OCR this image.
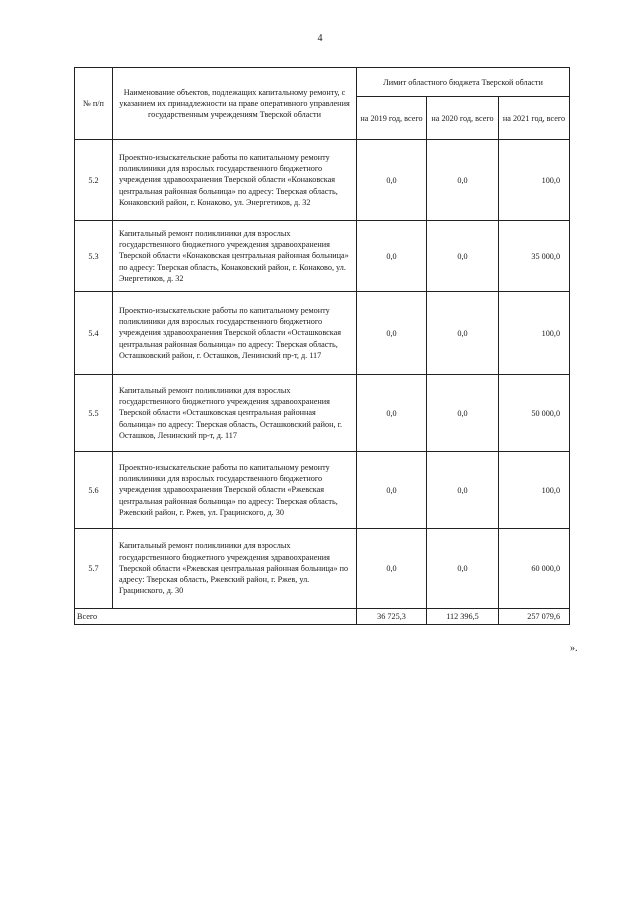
4
№ п/п	Наименование объектов, подлежащих капитальному ремонту, с указанием их принадлежности на праве оперативного управления государственным учреждениям Тверской области	Лимит областного бюджета Тверской области		
		на 2019 год, всего	на 2020 год, всего	на 2021 год, всего
5.2	Проектно-изыскательские работы по капитальному ремонту поликлиники для взрослых государственного бюджетного учреждения здравоохранения Тверской области «Конаковская центральная районная больница» по адресу: Тверская область, Конаковский район, г. Конаково, ул. Энергетиков, д. 32	0,0	0,0	100,0
5.3	Капитальный ремонт поликлиники для взрослых государственного бюджетного учреждения здравоохранения Тверской области «Конаковская центральная районная больница» по адресу: Тверская область, Конаковский район, г. Конаково, ул. Энергетиков, д. 32	0,0	0,0	35 000,0
5.4	Проектно-изыскательские работы по капитальному ремонту поликлиники для взрослых государственного бюджетного учреждения здравоохранения Тверской области «Осташковская центральная районная больница» по адресу: Тверская область, Осташковский район, г. Осташков, Ленинский пр-т, д. 117	0,0	0,0	100,0
5.5	Капитальный ремонт поликлиники для взрослых государственного бюджетного учреждения здравоохранения Тверской области «Осташковская центральная районная больница» по адресу: Тверская область, Осташковский район, г. Осташков, Ленинский пр-т, д. 117	0,0	0,0	50 000,0
5.6	Проектно-изыскательские работы по капитальному ремонту поликлиники для взрослых государственного бюджетного учреждения здравоохранения Тверской области «Ржевская центральная районная больница» по адресу: Тверская область, Ржевский район, г. Ржев, ул. Грацинского, д. 30	0,0	0,0	100,0
5.7	Капитальный ремонт поликлиники для взрослых государственного бюджетного учреждения здравоохранения Тверской области «Ржевская центральная районная больница» по адресу: Тверская область, Ржевский район, г. Ржев, ул. Грацинского, д. 30	0,0	0,0	60 000,0
Всего		36 725,3	112 396,5	257 079,6
».
